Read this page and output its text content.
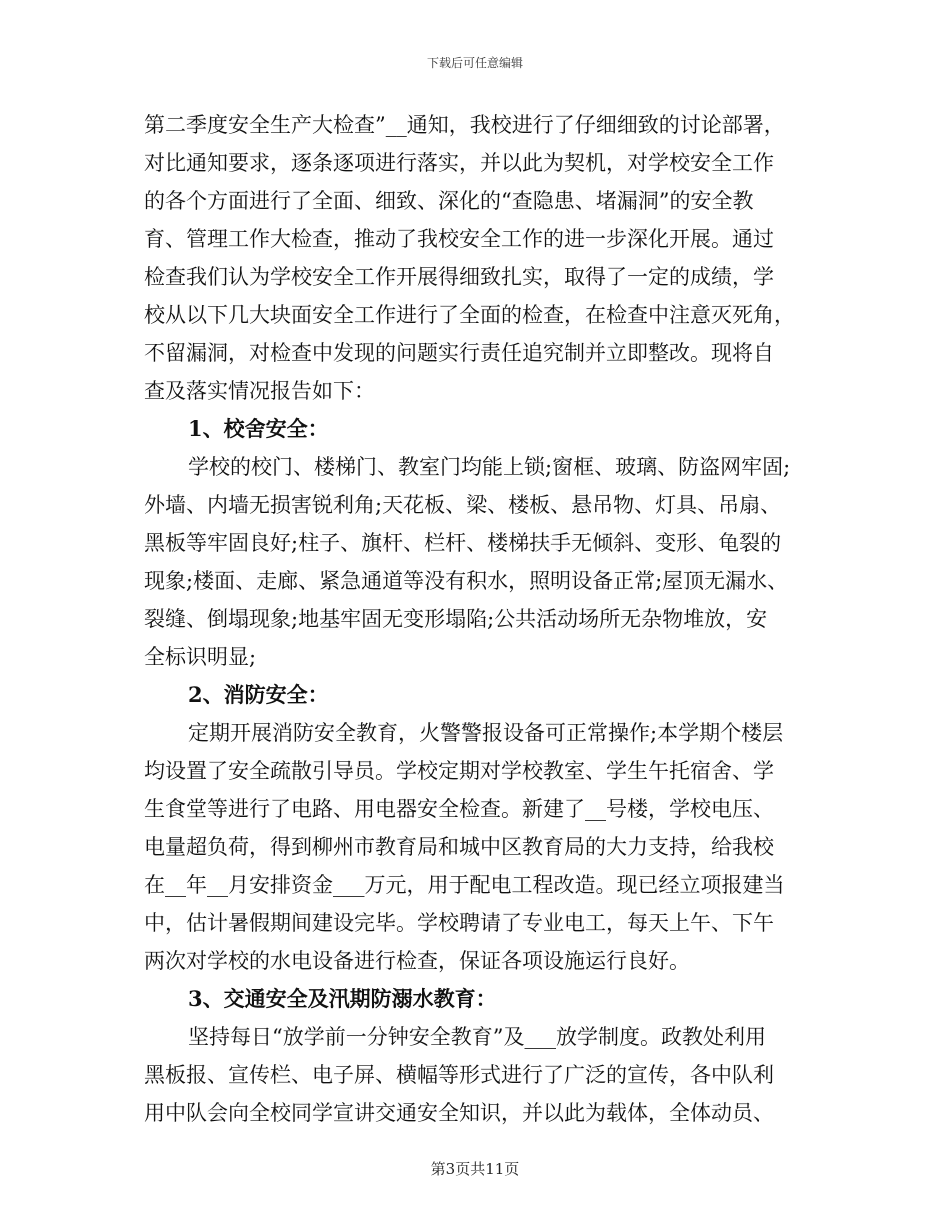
下载后可任意编辑
第二季度安全生产大检查”__通知，我校进行了仔细细致的讨论部署，
对比通知要求，逐条逐项进行落实，并以此为契机，对学校安全工作
的各个方面进行了全面、细致、深化的“查隐患、堵漏洞”的安全教
育、管理工作大检查，推动了我校安全工作的进一步深化开展。通过
检查我们认为学校安全工作开展得细致扎实，取得了一定的成绩，学
校从以下几大块面安全工作进行了全面的检查，在检查中注意灭死角，
不留漏洞，对检查中发现的问题实行责任追究制并立即整改。现将自
查及落实情况报告如下：
1、校舍安全：
学校的校门、楼梯门、教室门均能上锁;窗框、玻璃、防盗网牢固;
外墙、内墙无损害锐利角;天花板、梁、楼板、悬吊物、灯具、吊扇、
黑板等牢固良好;柱子、旗杆、栏杆、楼梯扶手无倾斜、变形、龟裂的
现象;楼面、走廊、紧急通道等没有积水，照明设备正常;屋顶无漏水、
裂缝、倒塌现象;地基牢固无变形塌陷;公共活动场所无杂物堆放，安
全标识明显;
2、消防安全：
定期开展消防安全教育，火警警报设备可正常操作;本学期个楼层
均设置了安全疏散引导员。学校定期对学校教室、学生午托宿舍、学
生食堂等进行了电路、用电器安全检查。新建了__号楼，学校电压、
电量超负荷，得到柳州市教育局和城中区教育局的大力支持，给我校
在__年__月安排资金___万元，用于配电工程改造。现已经立项报建当
中，估计暑假期间建设完毕。学校聘请了专业电工，每天上午、下午
两次对学校的水电设备进行检查，保证各项设施运行良好。
3、交通安全及汛期防溺水教育：
坚持每日“放学前一分钟安全教育”及___放学制度。政教处利用
黑板报、宣传栏、电子屏、横幅等形式进行了广泛的宣传，各中队利
用中队会向全校同学宣讲交通安全知识，并以此为载体，全体动员、
第3页共11页
